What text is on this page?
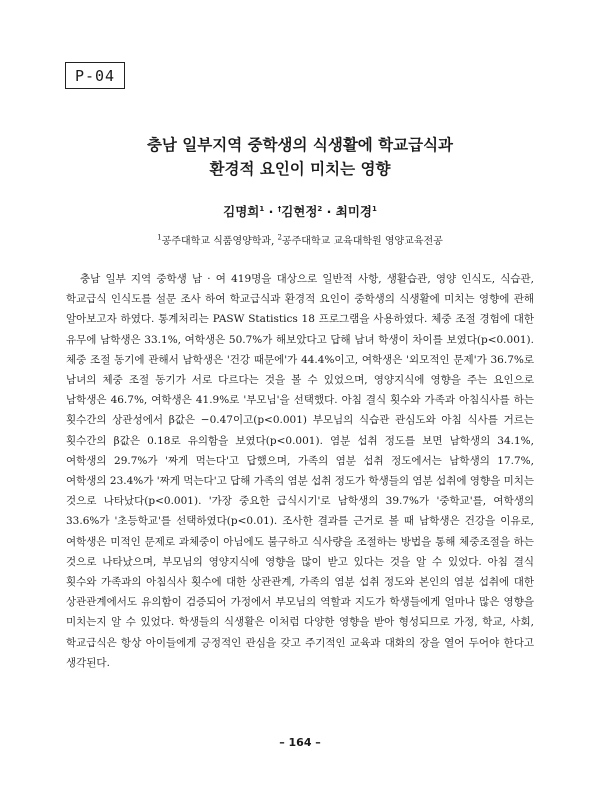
P-04
충남 일부지역 중학생의 식생활에 학교급식과
환경적 요인이 미치는 영향
김명희$^1$ · †김현정$^2$ · 최미경$^1$
$^1$공주대학교 식품영양학과, $^2$공주대학교 교육대학원 영양교육전공

충남 일부 지역 중학생 남 · 여 419명을 대상으로 일반적 사항, 생활습관, 영양 인식도, 식습관, 학교급식 인식도를 설문 조사 하여 학교급식과 환경적 요인이 중학생의 식생활에 미치는 영향에 관해 알아보고자 하였다. 통계처리는 PASW Statistics 18 프로그램을 사용하였다. 체중 조절 경험에 대한 유무에 남학생은 33.1%, 여학생은 50.7%가 해보았다고 답해 남녀 학생이 차이를 보였다(p<0.001). 체중 조절 동기에 관해서 남학생은 '건강 때문에'가 44.4%이고, 여학생은 '외모적인 문제'가 36.7%로 남녀의 체중 조절 동기가 서로 다르다는 것을 볼 수 있었으며, 영양지식에 영향을 주는 요인으로 남학생은 46.7%, 여학생은 41.9%로 '부모님'을 선택했다. 아침 결식 횟수와 가족과 아침식사를 하는 횟수간의 상관성에서 β값은 −0.47이고(p<0.001) 부모님의 식습관 관심도와 아침 식사를 거르는 횟수간의 β값은 0.18로 유의함을 보였다(p<0.001). 염분 섭취 정도를 보면 남학생의 34.1%, 여학생의 29.7%가 '짜게 먹는다'고 답했으며, 가족의 염분 섭취 정도에서는 남학생의 17.7%, 여학생의 23.4%가 '짜게 먹는다'고 답해 가족의 염분 섭취 정도가 학생들의 염분 섭취에 영향을 미치는 것으로 나타났다(p<0.001). '가장 중요한 급식시기'로 남학생의 39.7%가 '중학교'를, 여학생의 33.6%가 '초등학교'를 선택하였다(p<0.01). 조사한 결과를 근거로 볼 때 남학생은 건강을 이유로, 여학생은 미적인 문제로 과체중이 아님에도 불구하고 식사량을 조절하는 방법을 통해 체중조절을 하는 것으로 나타났으며, 부모님의 영양지식에 영향을 많이 받고 있다는 것을 알 수 있었다. 아침 결식 횟수와 가족과의 아침식사 횟수에 대한 상관관계, 가족의 염분 섭취 정도와 본인의 염분 섭취에 대한 상관관계에서도 유의함이 검증되어 가정에서 부모님의 역할과 지도가 학생들에게 얼마나 많은 영향을 미치는지 알 수 있었다. 학생들의 식생활은 이처럼 다양한 영향을 받아 형성되므로 가정, 학교, 사회, 학교급식은 항상 아이들에게 긍정적인 관심을 갖고 주기적인 교육과 대화의 장을 열어 두어야 한다고 생각된다.

– 164 –
